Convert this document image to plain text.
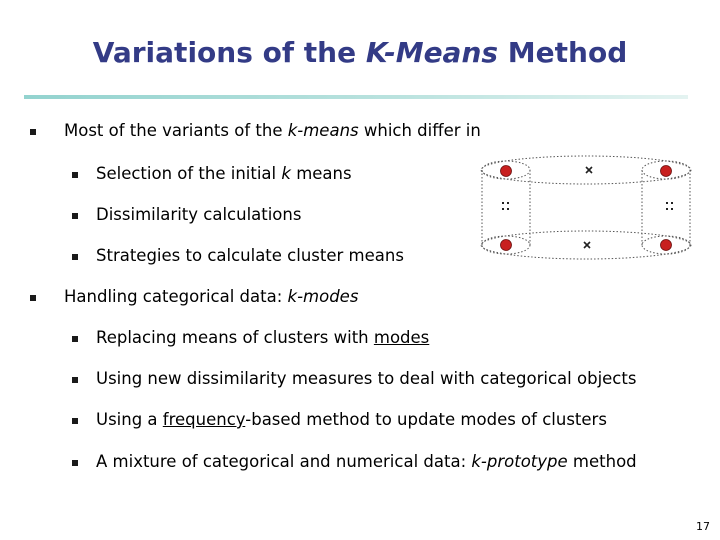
Variations of the K-Means Method
Most of the variants of the k-means which differ in
Selection of the initial k means
Dissimilarity calculations
Strategies to calculate cluster means
Handling categorical data: k-modes
Replacing means of clusters with modes
Using new dissimilarity measures to deal with categorical objects
Using a frequency-based method to update modes of clusters
A mixture of categorical and numerical data: k-prototype method
17
